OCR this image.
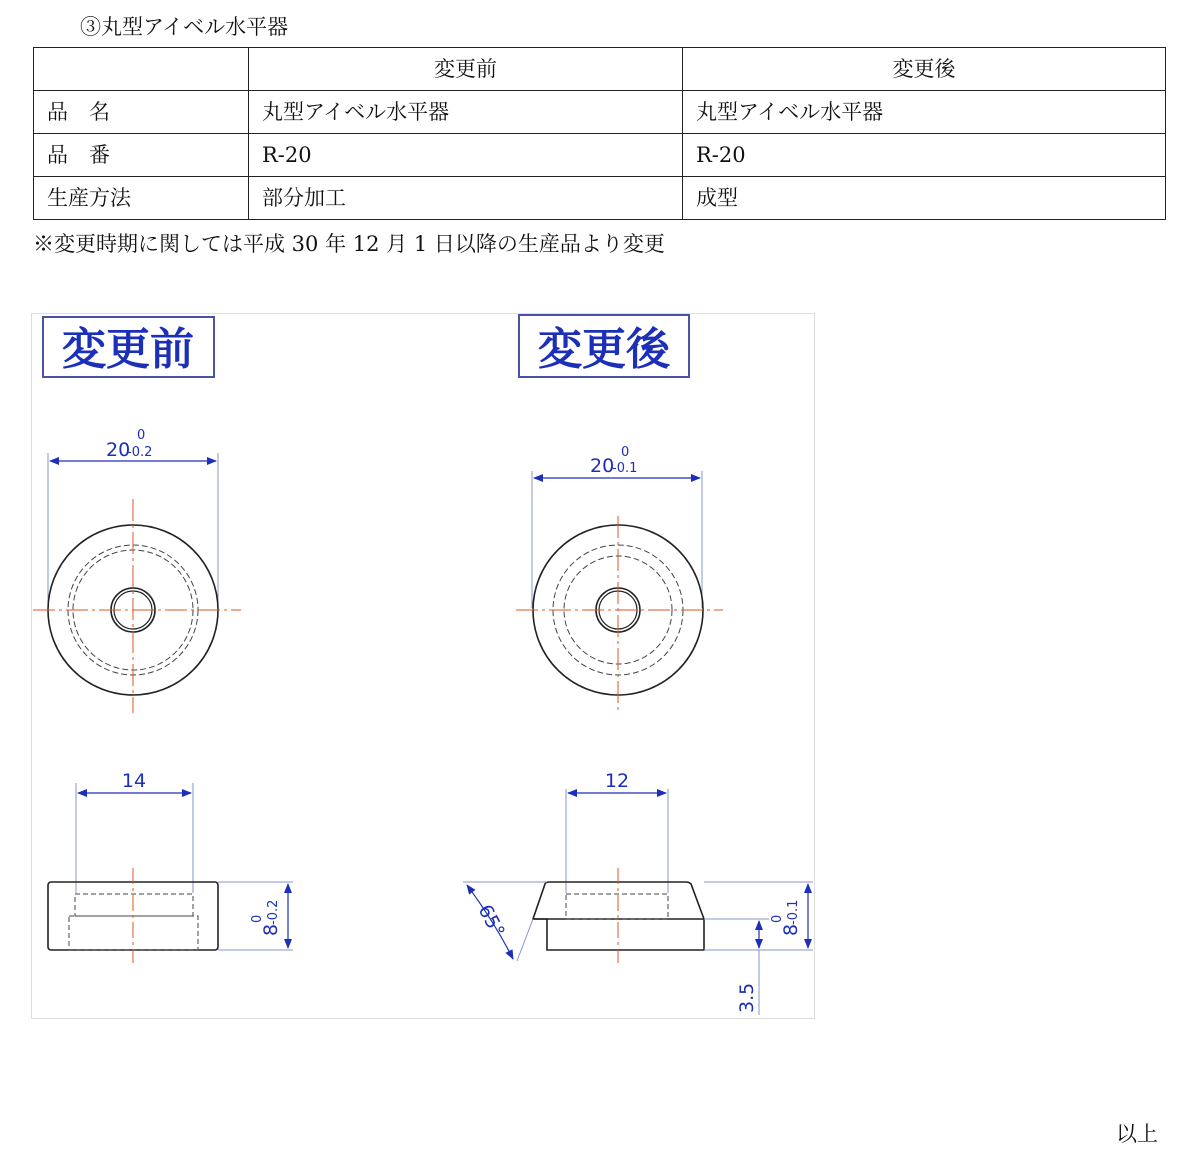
③丸型アイベル水平器
	変更前	変更後
品　名	丸型アイベル水平器	丸型アイベル水平器
品　番	R-20	R-20
生産方法	部分加工	成型
※変更時期に関しては平成 30 年 12 月 1 日以降の生産品より変更
変更前
20
0
-0.2
14
8
0 -0.2
変更後
20
0
-0.1
12
65°	8
0 -0.1
3.5
以上
